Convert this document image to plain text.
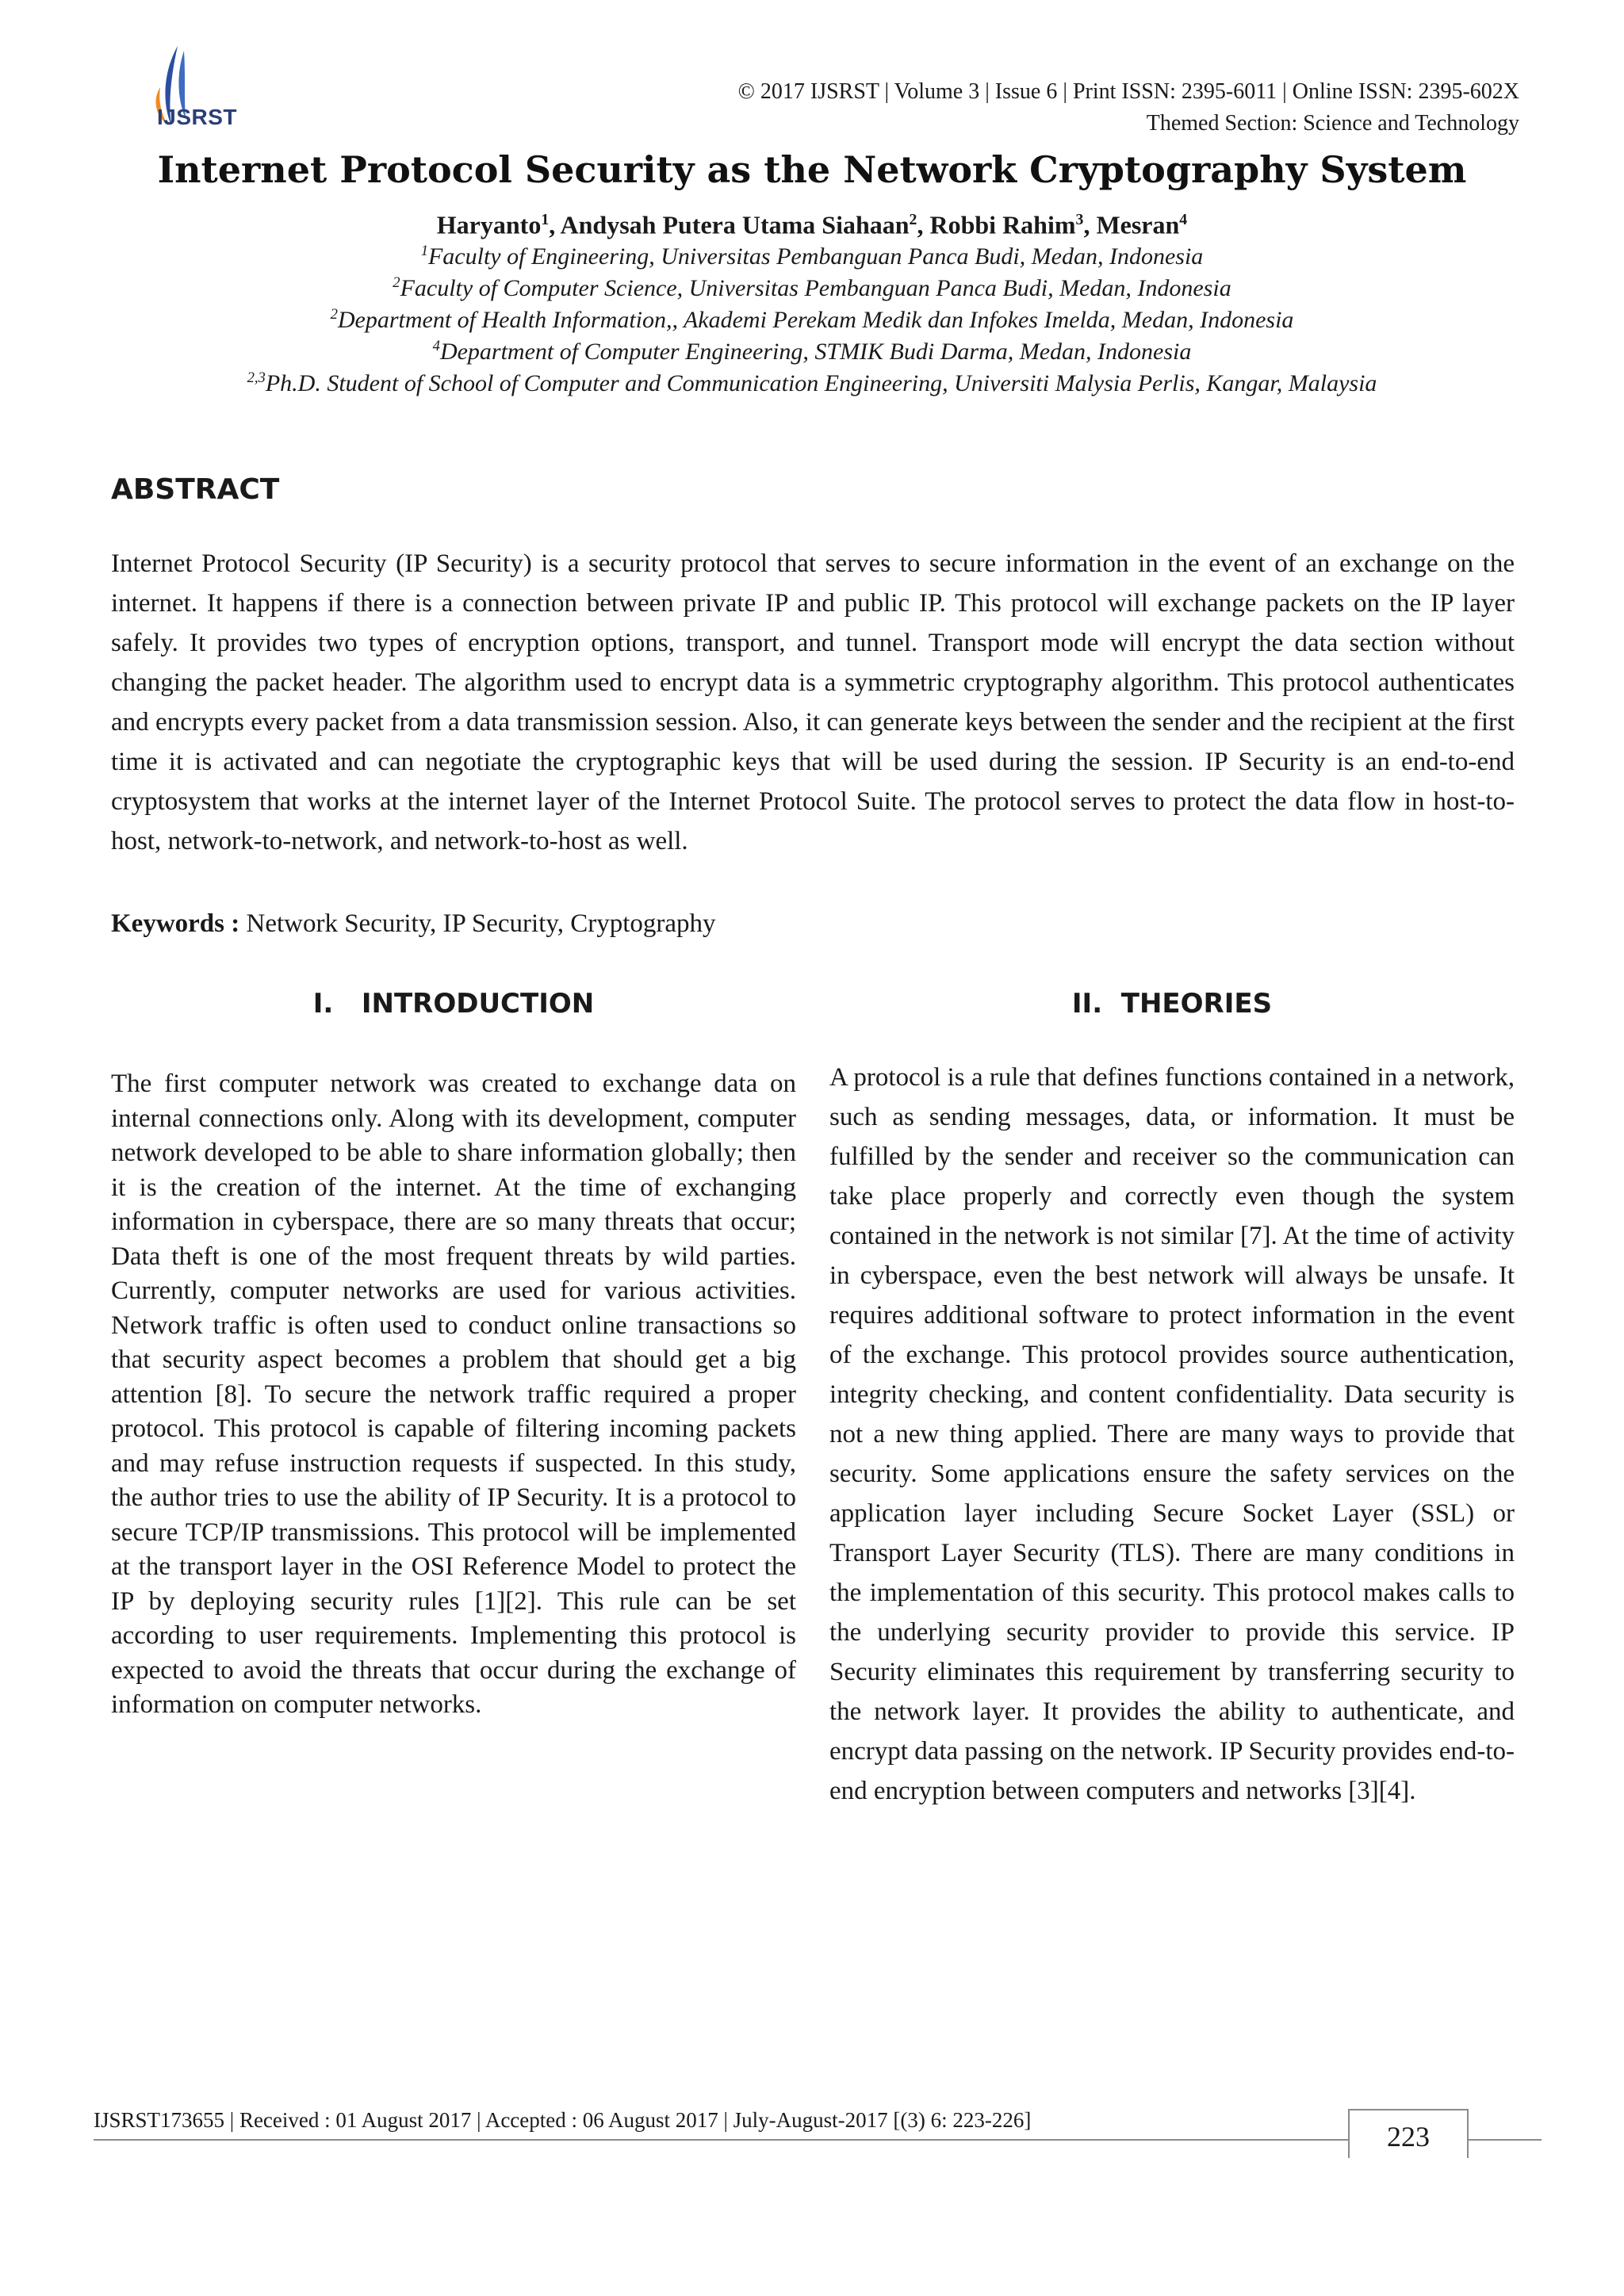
IJSRST
© 2017 IJSRST | Volume 3 | Issue 6 | Print ISSN: 2395-6011 | Online ISSN: 2395-602X
Themed Section: Science and Technology
Internet Protocol Security as the Network Cryptography System
Haryanto$^1$, Andysah Putera Utama Siahaan$^2$, Robbi Rahim$^3$, Mesran$^4$
$^1$Faculty of Engineering, Universitas Pembanguan Panca Budi, Medan, Indonesia
$^2$Faculty of Computer Science, Universitas Pembanguan Panca Budi, Medan, Indonesia
$^2$Department of Health Information,, Akademi Perekam Medik dan Infokes Imelda, Medan, Indonesia
$^4$Department of Computer Engineering, STMIK Budi Darma, Medan, Indonesia
$^{2,3}$Ph.D. Student of School of Computer and Communication Engineering, Universiti Malysia Perlis, Kangar, Malaysia
ABSTRACT
Internet Protocol Security (IP Security) is a security protocol that serves to secure information in the event of an exchange on the internet. It happens if there is a connection between private IP and public IP. This protocol will exchange packets on the IP layer safely. It provides two types of encryption options, transport, and tunnel. Transport mode will encrypt the data section without changing the packet header. The algorithm used to encrypt data is a symmetric cryptography algorithm. This protocol authenticates and encrypts every packet from a data transmission session. Also, it can generate keys between the sender and the recipient at the first time it is activated and can negotiate the cryptographic keys that will be used during the session. IP Security is an end-to-end cryptosystem that works at the internet layer of the Internet Protocol Suite. The protocol serves to protect the data flow in host-to-host, network-to-network, and network-to-host as well.
Keywords : Network Security, IP Security, Cryptography
I.   INTRODUCTION	II.  THEORIES
The first computer network was created to exchange data on internal connections only. Along with its development, computer network developed to be able to share information globally; then it is the creation of the internet. At the time of exchanging information in cyberspace, there are so many threats that occur; Data theft is one of the most frequent threats by wild parties. Currently, computer networks are used for various activities. Network traffic is often used to conduct online transactions so that security aspect becomes a problem that should get a big attention [8]. To secure the network traffic required a proper protocol. This protocol is capable of filtering incoming packets and may refuse instruction requests if suspected. In this study, the author tries to use the ability of IP Security. It is a protocol to secure TCP/IP transmissions. This protocol will be implemented at the transport layer in the OSI Reference Model to protect the IP by deploying security rules [1][2]. This rule can be set according to user requirements. Implementing this protocol is expected to avoid the threats that occur during the exchange of information on computer networks.
A protocol is a rule that defines functions contained in a network, such as sending messages, data, or information. It must be fulfilled by the sender and receiver so the communication can take place properly and correctly even though the system contained in the network is not similar [7]. At the time of activity in cyberspace, even the best network will always be unsafe. It requires additional software to protect information in the event of the exchange. This protocol provides source authentication, integrity checking, and content confidentiality. Data security is not a new thing applied. There are many ways to provide that security. Some applications ensure the safety services on the application layer including Secure Socket Layer (SSL) or Transport Layer Security (TLS). There are many conditions in the implementation of this security. This protocol makes calls to the underlying security provider to provide this service. IP Security eliminates this requirement by transferring security to the network layer. It provides the ability to authenticate, and encrypt data passing on the network. IP Security provides end-to-end encryption between computers and networks [3][4].
IJSRST173655 | Received : 01 August 2017 | Accepted : 06 August 2017 | July-August-2017 [(3) 6: 223-226]
223
